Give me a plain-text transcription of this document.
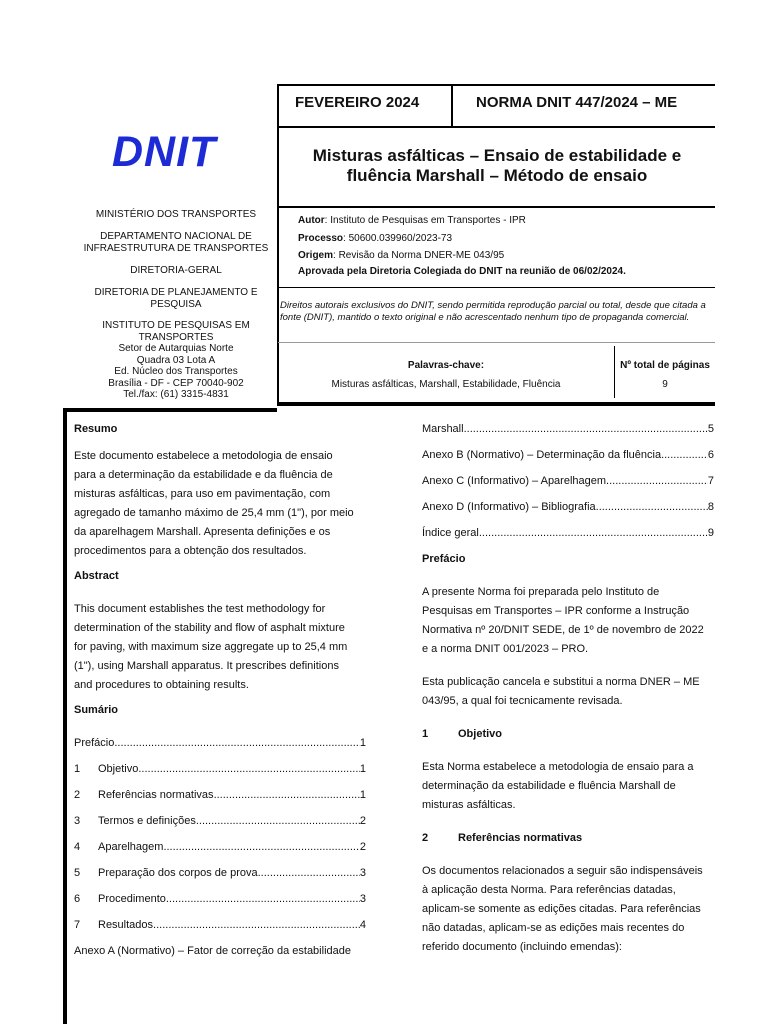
FEVEREIRO 2024	NORMA DNIT 447/2024 – ME
DNIT	Misturas asfálticas – Ensaio de estabilidade e
fluência Marshall – Método de ensaio
Autor: Instituto de Pesquisas em Transportes - IPR
Processo: 50600.039960/2023-73
Origem: Revisão da Norma DNER-ME 043/95
Aprovada pela Diretoria Colegiada do DNIT na reunião de 06/02/2024.
Direitos autorais exclusivos do DNIT, sendo permitida reprodução parcial ou total, desde que citada a fonte (DNIT), mantido o texto original e não acrescentado nenhum tipo de propaganda comercial.
Palavras-chave:
Misturas asfálticas, Marshall, Estabilidade, Fluência
Nº total de páginas
9
MINISTÉRIO DOS TRANSPORTES
DEPARTAMENTO NACIONAL DE
INFRAESTRUTURA DE TRANSPORTES
DIRETORIA-GERAL
DIRETORIA DE PLANEJAMENTO E
PESQUISA
INSTITUTO DE PESQUISAS EM
TRANSPORTES
Setor de Autarquias Norte
Quadra 03 Lota A
Ed. Núcleo dos Transportes
Brasília - DF - CEP 70040-902
Tel./fax: (61) 3315-4831
Resumo
Este documento estabelece a metodologia de ensaio
para a determinação da estabilidade e da fluência de
misturas asfálticas, para uso em pavimentação, com
agregado de tamanho máximo de 25,4 mm (1"), por meio
da aparelhagem Marshall. Apresenta definições e os
procedimentos para a obtenção dos resultados.
Abstract
This document establishes the test methodology for
determination of the stability and flow of asphalt mixture
for paving, with maximum size aggregate up to 25,4 mm
(1"), using Marshall apparatus. It prescribes definitions
and procedures to obtaining results.
Sumário
Prefácio .....	1
1	Objetivo .....	1
2	Referências normativas .....	1
3	Termos e definições .....	2
4	Aparelhagem .....	2
5	Preparação dos corpos de prova .....	3
6	Procedimento .....	3
7	Resultados .....	4
Anexo A (Normativo) – Fator de correção da estabilidade
Marshall .....	5
Anexo B (Normativo) – Determinação da fluência .....	6
Anexo C (Informativo) – Aparelhagem .....	7
Anexo D (Informativo) – Bibliografia .....	8
Índice geral .....	9
Prefácio
A presente Norma foi preparada pelo Instituto de
Pesquisas em Transportes – IPR conforme a Instrução
Normativa nº 20/DNIT SEDE, de 1º de novembro de 2022
e a norma DNIT 001/2023 – PRO.
Esta publicação cancela e substitui a norma DNER – ME
043/95, a qual foi tecnicamente revisada.
1	Objetivo
Esta Norma estabelece a metodologia de ensaio para a
determinação da estabilidade e fluência Marshall de
misturas asfálticas.
2	Referências normativas
Os documentos relacionados a seguir são indispensáveis
à aplicação desta Norma. Para referências datadas,
aplicam-se somente as edições citadas. Para referências
não datadas, aplicam-se as edições mais recentes do
referido documento (incluindo emendas):
